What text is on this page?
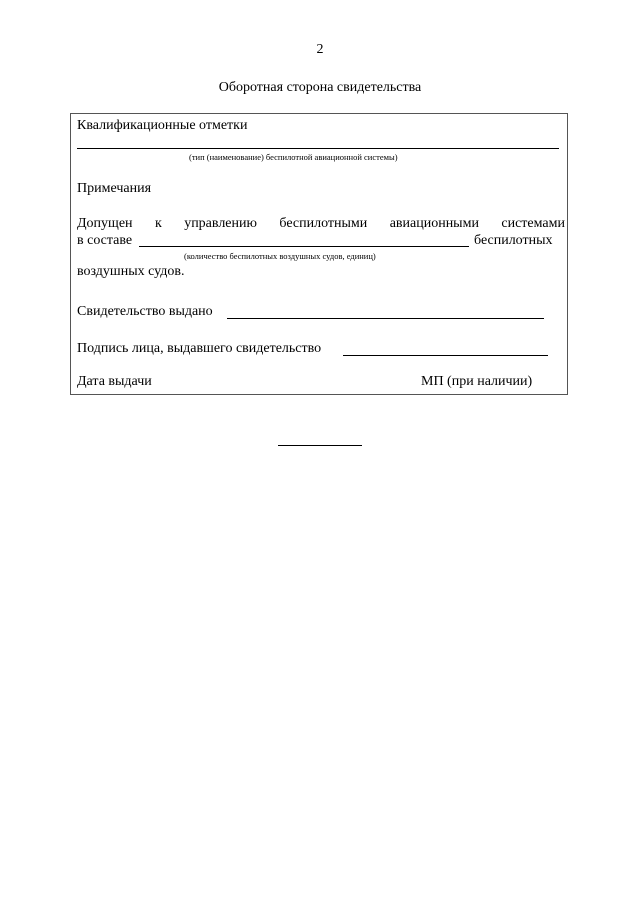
2
Оборотная сторона свидетельства
Квалификационные отметки
(тип (наименование) беспилотной авиационной системы)
Примечания
Допущен к управлению беспилотными авиационными системами
в составе	беспилотных
(количество беспилотных воздушных судов, единиц)
воздушных судов.
Свидетельство выдано
Подпись лица, выдавшего свидетельство
Дата выдачи	МП (при наличии)
